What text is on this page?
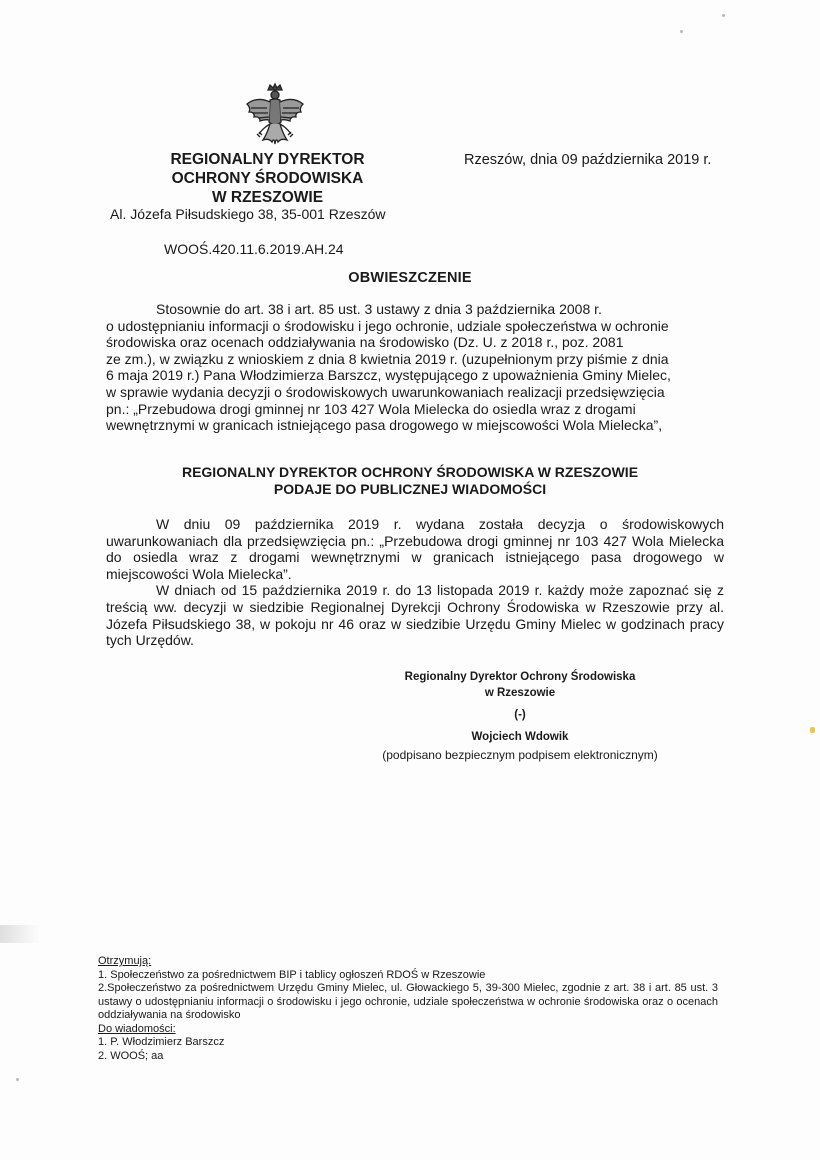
REGIONALNY DYREKTOR
OCHRONY ŚRODOWISKA
W RZESZOWIE
Al. Józefa Piłsudskiego 38, 35-001 Rzeszów
WOOŚ.420.11.6.2019.AH.24
Rzeszów, dnia 09 października 2019 r.
OBWIESZCZENIE
Stosownie do art. 38 i art. 85 ust. 3 ustawy z dnia 3 października 2008 r.
o udostępnianiu informacji o środowisku i jego ochronie, udziale społeczeństwa w ochronie
środowiska oraz ocenach oddziaływania na środowisko (Dz. U. z 2018 r., poz. 2081
ze zm.), w związku z wnioskiem z dnia 8 kwietnia 2019 r. (uzupełnionym przy piśmie z dnia
6 maja 2019 r.) Pana Włodzimierza Barszcz, występującego z upoważnienia Gminy Mielec,
w sprawie wydania decyzji o środowiskowych uwarunkowaniach realizacji przedsięwzięcia
pn.: „Przebudowa drogi gminnej nr 103 427 Wola Mielecka do osiedla wraz z drogami
wewnętrznymi w granicach istniejącego pasa drogowego w miejscowości Wola Mielecka”,
REGIONALNY DYREKTOR OCHRONY ŚRODOWISKA W RZESZOWIE
PODAJE DO PUBLICZNEJ WIADOMOŚCI

W dniu 09 października 2019 r. wydana została decyzja o środowiskowych uwarunkowaniach dla przedsięwzięcia pn.: „Przebudowa drogi gminnej nr 103 427 Wola Mielecka do osiedla wraz z drogami wewnętrznymi w granicach istniejącego pasa drogowego w miejscowości Wola Mielecka”.

W dniach od 15 października 2019 r. do 13 listopada 2019 r. każdy może zapoznać się z treścią ww. decyzji w siedzibie Regionalnej Dyrekcji Ochrony Środowiska w Rzeszowie przy al. Józefa Piłsudskiego 38, w pokoju nr 46 oraz w siedzibie Urzędu Gminy Mielec w godzinach pracy tych Urzędów.

Regionalny Dyrektor Ochrony Środowiska
w Rzeszowie
(-)
Wojciech Wdowik
(podpisano bezpiecznym podpisem elektronicznym)
Otrzymują:
1. Społeczeństwo za pośrednictwem BIP i tablicy ogłoszeń RDOŚ w Rzeszowie
2.Społeczeństwo za pośrednictwem Urzędu Gminy Mielec, ul. Głowackiego 5, 39-300 Mielec, zgodnie z art. 38 i art. 85 ust. 3 ustawy o udostępnianiu informacji o środowisku i jego ochronie, udziale społeczeństwa w ochronie środowiska oraz o ocenach oddziaływania na środowisko
Do wiadomości:
1. P. Włodzimierz Barszcz
2. WOOŚ; aa
